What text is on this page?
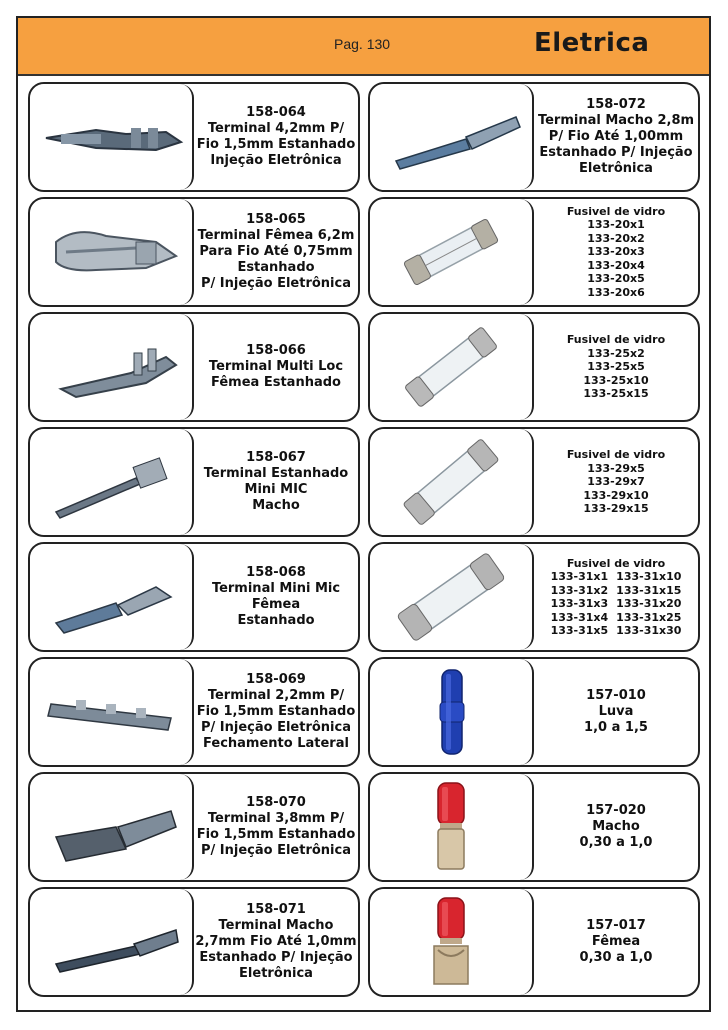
Pag. 130	Eletrica
158-064
Terminal 4,2mm P/
Fio 1,5mm Estanhado
Injeção Eletrônica
158-065
Terminal Fêmea 6,2m
Para Fio Até 0,75mm
Estanhado
P/ Injeção Eletrônica
158-066
Terminal Multi Loc
Fêmea Estanhado
158-067
Terminal Estanhado
Mini MIC
Macho
158-068
Terminal Mini Mic
Fêmea
Estanhado
158-069
Terminal 2,2mm P/
Fio 1,5mm Estanhado
P/ Injeção Eletrônica
Fechamento Lateral
158-070
Terminal 3,8mm P/
Fio 1,5mm Estanhado
P/ Injeção Eletrônica
158-071
Terminal Macho
2,7mm Fio Até 1,0mm
Estanhado P/ Injeção
Eletrônica
158-072
Terminal Macho 2,8m
P/ Fio Até 1,00mm
Estanhado P/ Injeção
Eletrônica
Fusivel de vidro
133-20x1
133-20x2
133-20x3
133-20x4
133-20x5
133-20x6
Fusivel de vidro
133-25x2
133-25x5
133-25x10
133-25x15
Fusivel de vidro
133-29x5
133-29x7
133-29x10
133-29x15
Fusivel de vidro
133-31x1 133-31x10
133-31x2 133-31x15
133-31x3 133-31x20
133-31x4 133-31x25
133-31x5 133-31x30
157-010
Luva
1,0 a 1,5
157-020
Macho
0,30 a 1,0
157-017
Fêmea
0,30 a 1,0
